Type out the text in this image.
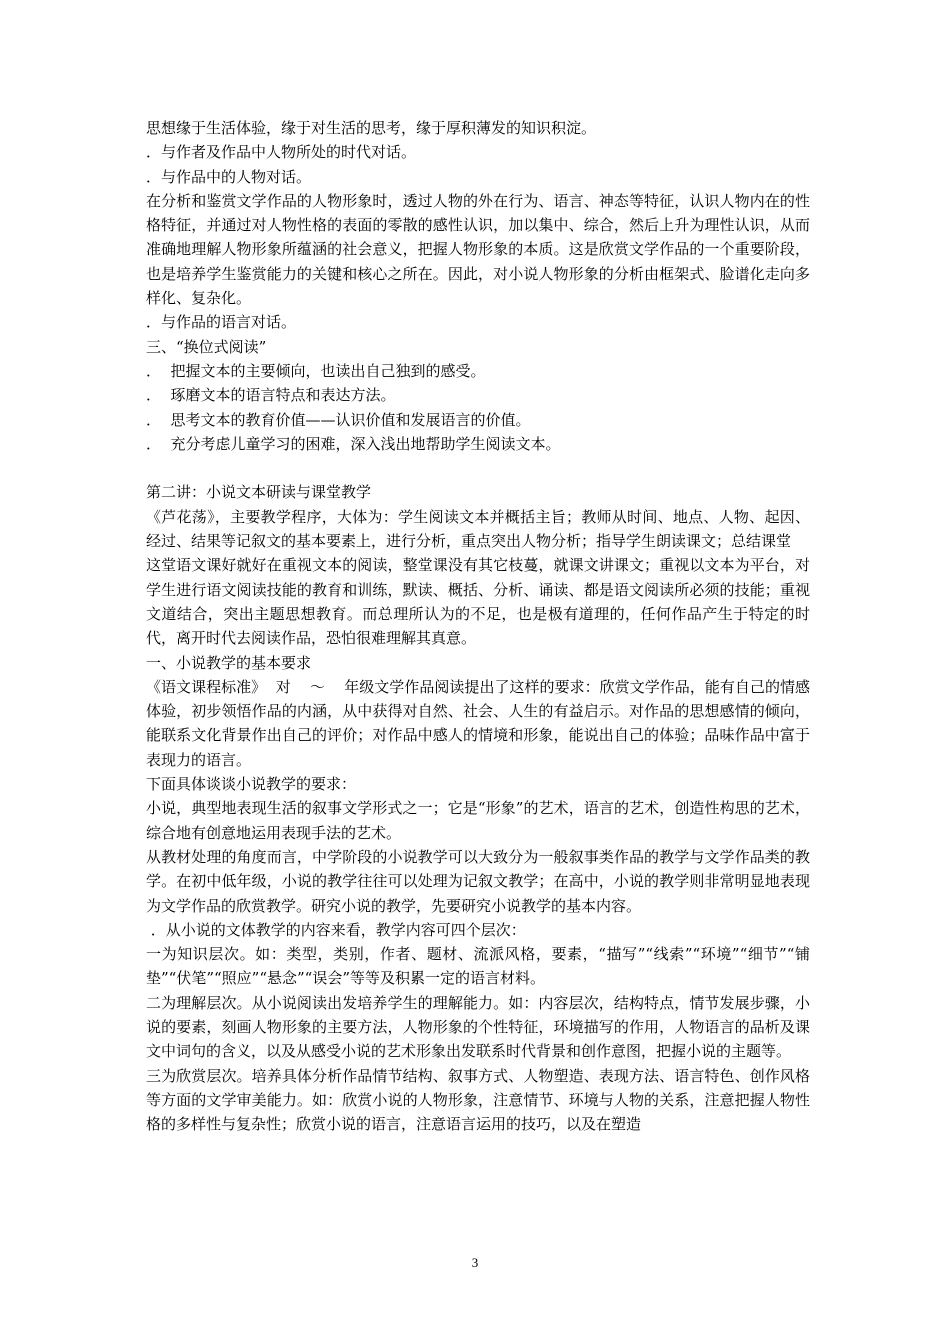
思想缘于生活体验，缘于对生活的思考，缘于厚积薄发的知识积淀。

．与作者及作品中人物所处的时代对话。

．与作品中的人物对话。

在分析和鉴赏文学作品的人物形象时，透过人物的外在行为、语言、神态等特征，认识人物内在的性格特征，并通过对人物性格的表面的零散的感性认识，加以集中、综合，然后上升为理性认识，从而准确地理解人物形象所蕴涵的社会意义，把握人物形象的本质。这是欣赏文学作品的一个重要阶段，也是培养学生鉴赏能力的关键和核心之所在。因此，对小说人物形象的分析由框架式、脸谱化走向多样化、复杂化。

．与作品的语言对话。

三、“换位式阅读”

．  把握文本的主要倾向，也读出自己独到的感受。

．  琢磨文本的语言特点和表达方法。

．  思考文本的教育价值——认识价值和发展语言的价值。

．  充分考虑儿童学习的困难，深入浅出地帮助学生阅读文本。

第二讲：小说文本研读与课堂教学

《芦花荡》，主要教学程序，大体为：学生阅读文本并概括主旨；教师从时间、地点、人物、起因、经过、结果等记叙文的基本要素上，进行分析，重点突出人物分析；指导学生朗读课文；总结课堂

这堂语文课好就好在重视文本的阅读，整堂课没有其它枝蔓，就课文讲课文；重视以文本为平台，对学生进行语文阅读技能的教育和训练，默读、概括、分析、诵读、都是语文阅读所必须的技能；重视文道结合，突出主题思想教育。而总理所认为的不足，也是极有道理的，任何作品产生于特定的时代，离开时代去阅读作品，恐怕很难理解其真意。

一、小说教学的基本要求

《语文课程标准》  对    ～    年级文学作品阅读提出了这样的要求：欣赏文学作品，能有自己的情感体验，初步领悟作品的内涵，从中获得对自然、社会、人生的有益启示。对作品的思想感情的倾向，能联系文化背景作出自己的评价；对作品中感人的情境和形象，能说出自己的体验；品味作品中富于表现力的语言。

下面具体谈谈小说教学的要求：

小说，典型地表现生活的叙事文学形式之一；它是“形象”的艺术，语言的艺术，创造性构思的艺术，综合地有创意地运用表现手法的艺术。

从教材处理的角度而言，中学阶段的小说教学可以大致分为一般叙事类作品的教学与文学作品类的教学。在初中低年级，小说的教学往往可以处理为记叙文教学；在高中，小说的教学则非常明显地表现为文学作品的欣赏教学。研究小说的教学，先要研究小说教学的基本内容。

．从小说的文体教学的内容来看，教学内容可四个层次：

一为知识层次。如：类型，类别，作者、题材、流派风格，要素，“描写”“线索”“环境”“细节”“铺垫”“伏笔”“照应”“悬念”“误会”等等及积累一定的语言材料。

二为理解层次。从小说阅读出发培养学生的理解能力。如：内容层次，结构特点，情节发展步骤，小说的要素，刻画人物形象的主要方法，人物形象的个性特征，环境描写的作用，人物语言的品析及课文中词句的含义，以及从感受小说的艺术形象出发联系时代背景和创作意图，把握小说的主题等。

三为欣赏层次。培养具体分析作品情节结构、叙事方式、人物塑造、表现方法、语言特色、创作风格等方面的文学审美能力。如：欣赏小说的人物形象，注意情节、环境与人物的关系，注意把握人物性格的多样性与复杂性；欣赏小说的语言，注意语言运用的技巧，以及在塑造

3
